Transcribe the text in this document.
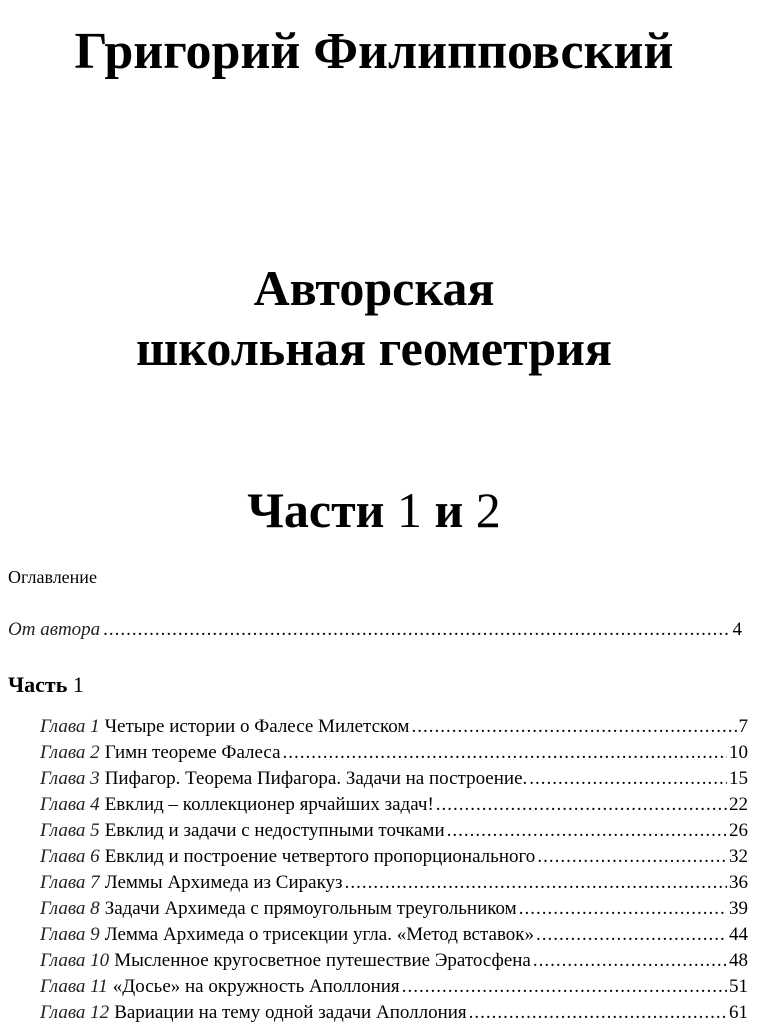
Григорий Филипповский
Авторская
школьная геометрия
Части 1 и 2
Оглавление
От автора .....	4
Часть 1
Глава 1 Четыре истории о Фалесе Милетском .....	7
Глава 2 Гимн теореме Фалеса .....	10
Глава 3 Пифагор. Теорема Пифагора. Задачи на построение. .....	15
Глава 4 Евклид – коллекционер ярчайших задач! .....	22
Глава 5 Евклид и задачи с недоступными точками .....	26
Глава 6 Евклид и построение четвертого пропорционального .....	32
Глава 7 Леммы Архимеда из Сиракуз .....	36
Глава 8 Задачи Архимеда с прямоугольным треугольником .....	39
Глава 9 Лемма Архимеда о трисекции угла. «Метод вставок» .....	44
Глава 10 Мысленное кругосветное путешествие Эратосфена .....	48
Глава 11 «Досье» на окружность Аполлония .....	51
Глава 12 Вариации на тему одной задачи Аполлония .....	61
